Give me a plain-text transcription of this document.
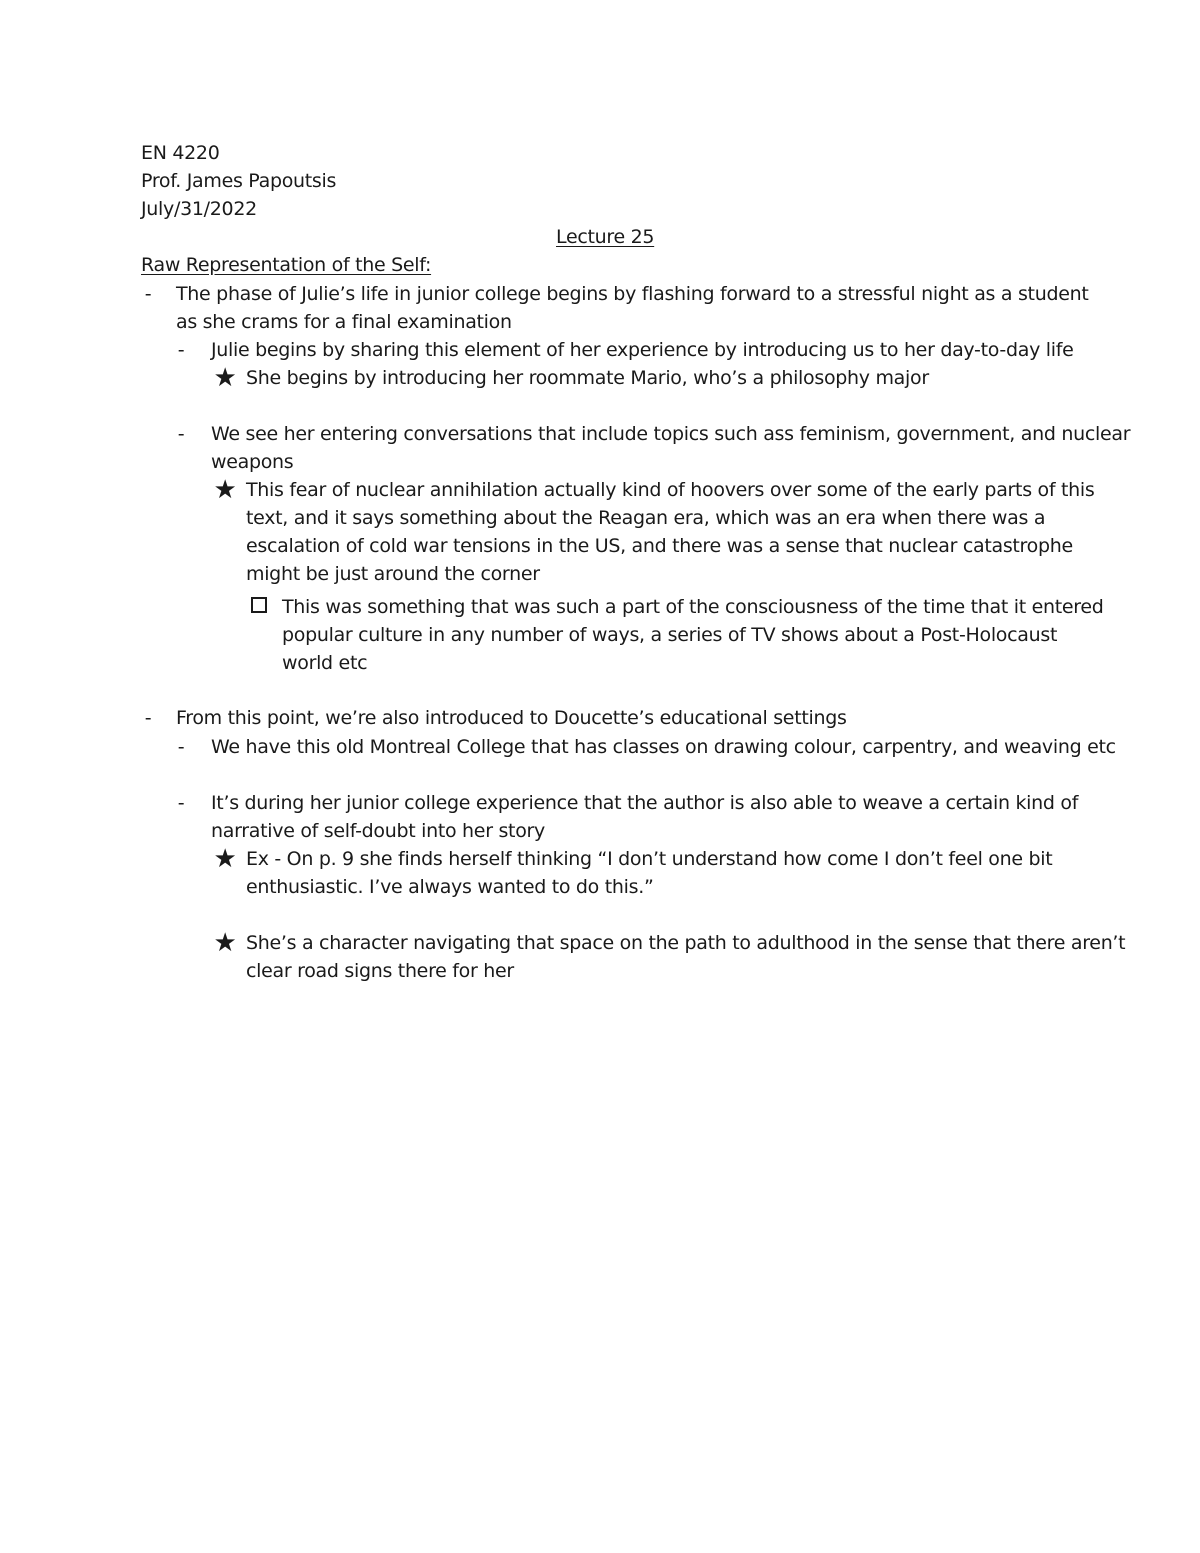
EN 4220
Prof. James Papoutsis
July/31/2022
Lecture 25
Raw Representation of the Self:
- The phase of Julie’s life in junior college begins by flashing forward to a stressful night as a student
as she crams for a final examination
- Julie begins by sharing this element of her experience by introducing us to her day-to-day life
★ She begins by introducing her roommate Mario, who’s a philosophy major
- We see her entering conversations that include topics such ass feminism, government, and nuclear
weapons
★ This fear of nuclear annihilation actually kind of hoovers over some of the early parts of this
text, and it says something about the Reagan era, which was an era when there was a
escalation of cold war tensions in the US, and there was a sense that nuclear catastrophe
might be just around the corner
This was something that was such a part of the consciousness of the time that it entered
popular culture in any number of ways, a series of TV shows about a Post-Holocaust
world etc
- From this point, we’re also introduced to Doucette’s educational settings
- We have this old Montreal College that has classes on drawing colour, carpentry, and weaving etc
- It’s during her junior college experience that the author is also able to weave a certain kind of
narrative of self-doubt into her story
★ Ex - On p. 9 she finds herself thinking “I don’t understand how come I don’t feel one bit
enthusiastic. I’ve always wanted to do this.”
★ She’s a character navigating that space on the path to adulthood in the sense that there aren’t
clear road signs there for her
